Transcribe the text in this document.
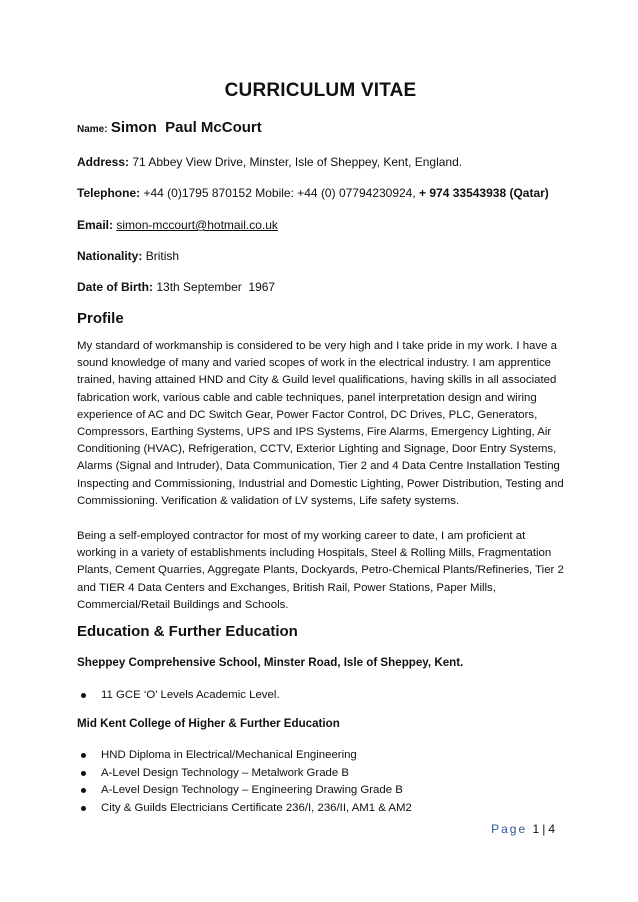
CURRICULUM VITAE
Name: Simon  Paul McCourt
Address: 71 Abbey View Drive, Minster, Isle of Sheppey, Kent, England.
Telephone: +44 (0)1795 870152 Mobile: +44 (0) 07794230924, + 974 33543938 (Qatar)
Email: simon-mccourt@hotmail.co.uk
Nationality: British
Date of Birth: 13th September  1967
Profile
My standard of workmanship is considered to be very high and I take pride in my work. I have a sound knowledge of many and varied scopes of work in the electrical industry. I am apprentice trained, having attained HND and City & Guild level qualifications, having skills in all associated fabrication work, various cable and cable techniques, panel interpretation design and wiring experience of AC and DC Switch Gear, Power Factor Control, DC Drives, PLC, Generators, Compressors, Earthing Systems, UPS and IPS Systems, Fire Alarms, Emergency Lighting, Air Conditioning (HVAC), Refrigeration, CCTV, Exterior Lighting and Signage, Door Entry Systems, Alarms (Signal and Intruder), Data Communication, Tier 2 and 4 Data Centre Installation Testing Inspecting and Commissioning, Industrial and Domestic Lighting, Power Distribution, Testing and Commissioning. Verification & validation of LV systems, Life safety systems.
Being a self-employed contractor for most of my working career to date, I am proficient at working in a variety of establishments including Hospitals, Steel & Rolling Mills, Fragmentation Plants, Cement Quarries, Aggregate Plants, Dockyards, Petro-Chemical Plants/Refineries, Tier 2 and TIER 4 Data Centers and Exchanges, British Rail, Power Stations, Paper Mills, Commercial/Retail Buildings and Schools.
Education & Further Education
Sheppey Comprehensive School, Minster Road, Isle of Sheppey, Kent.
11 GCE ‘O’ Levels Academic Level.
Mid Kent College of Higher & Further Education
HND Diploma in Electrical/Mechanical Engineering
A-Level Design Technology – Metalwork Grade B
A-Level Design Technology – Engineering Drawing Grade B
City & Guilds Electricians Certificate 236/I, 236/II, AM1 & AM2
Page 1 | 4
